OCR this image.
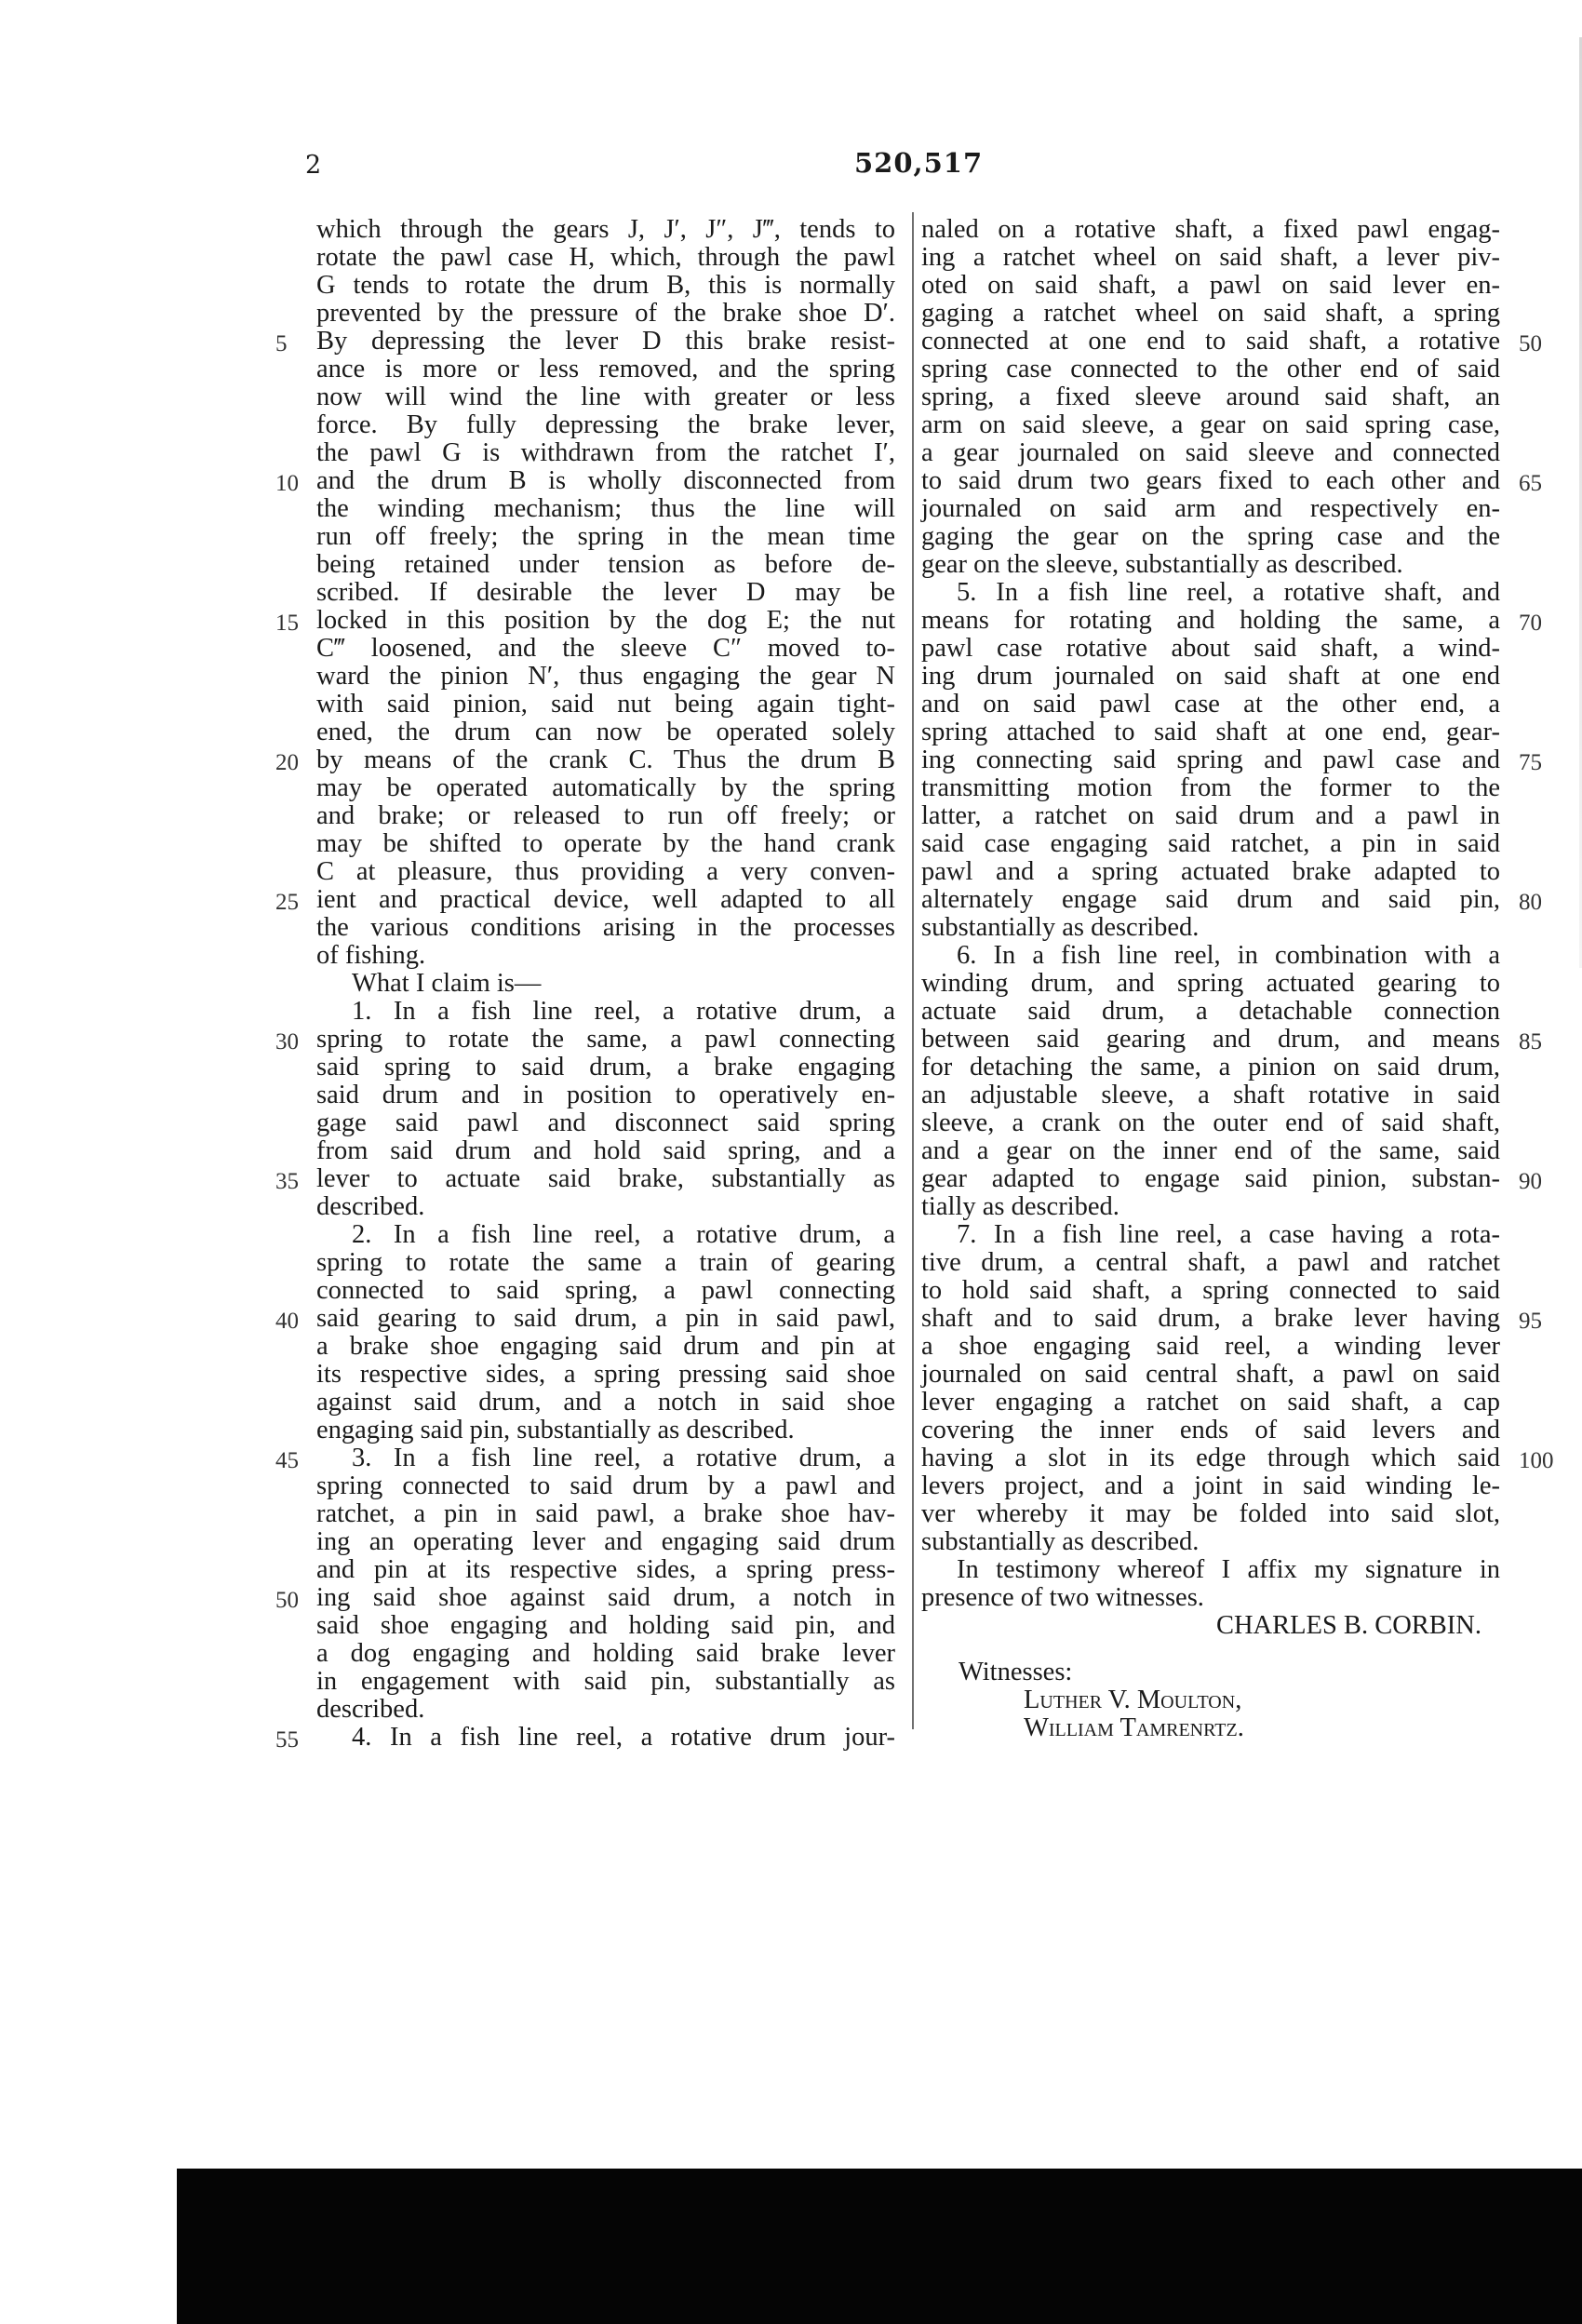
2	520,517
which through the gears J, J′, J″, J‴, tends to
rotate the pawl case H, which, through the pawl
G tends to rotate the drum B, this is normally
prevented by the pressure of the brake shoe D′.
By depressing the lever D this brake resist-
ance is more or less removed, and the spring
now will wind the line with greater or less
force. By fully depressing the brake lever,
the pawl G is withdrawn from the ratchet I′,
and the drum B is wholly disconnected from
the winding mechanism; thus the line will
run off freely; the spring in the mean time
being retained under tension as before de-
scribed. If desirable the lever D may be
locked in this position by the dog E; the nut
C‴ loosened, and the sleeve C″ moved to-
ward the pinion N′, thus engaging the gear N
with said pinion, said nut being again tight-
ened, the drum can now be operated solely
by means of the crank C. Thus the drum B
may be operated automatically by the spring
and brake; or released to run off freely; or
may be shifted to operate by the hand crank
C at pleasure, thus providing a very conven-
ient and practical device, well adapted to all
the various conditions arising in the processes
of fishing.
What I claim is—
1. In a fish line reel, a rotative drum, a
spring to rotate the same, a pawl connecting
said spring to said drum, a brake engaging
said drum and in position to operatively en-
gage said pawl and disconnect said spring
from said drum and hold said spring, and a
lever to actuate said brake, substantially as
described.
2. In a fish line reel, a rotative drum, a
spring to rotate the same a train of gearing
connected to said spring, a pawl connecting
said gearing to said drum, a pin in said pawl,
a brake shoe engaging said drum and pin at
its respective sides, a spring pressing said shoe
against said drum, and a notch in said shoe
engaging said pin, substantially as described.
3. In a fish line reel, a rotative drum, a
spring connected to said drum by a pawl and
ratchet, a pin in said pawl, a brake shoe hav-
ing an operating lever and engaging said drum
and pin at its respective sides, a spring press-
ing said shoe against said drum, a notch in
said shoe engaging and holding said pin, and
a dog engaging and holding said brake lever
in engagement with said pin, substantially as
described.
4. In a fish line reel, a rotative drum jour-
naled on a rotative shaft, a fixed pawl engag-
ing a ratchet wheel on said shaft, a lever piv-
oted on said shaft, a pawl on said lever en-
gaging a ratchet wheel on said shaft, a spring
connected at one end to said shaft, a rotative
spring case connected to the other end of said
spring, a fixed sleeve around said shaft, an
arm on said sleeve, a gear on said spring case,
a gear journaled on said sleeve and connected
to said drum two gears fixed to each other and
journaled on said arm and respectively en-
gaging the gear on the spring case and the
gear on the sleeve, substantially as described.
5. In a fish line reel, a rotative shaft, and
means for rotating and holding the same, a
pawl case rotative about said shaft, a wind-
ing drum journaled on said shaft at one end
and on said pawl case at the other end, a
spring attached to said shaft at one end, gear-
ing connecting said spring and pawl case and
transmitting motion from the former to the
latter, a ratchet on said drum and a pawl in
said case engaging said ratchet, a pin in said
pawl and a spring actuated brake adapted to
alternately engage said drum and said pin,
substantially as described.
6. In a fish line reel, in combination with a
winding drum, and spring actuated gearing to
actuate said drum, a detachable connection
between said gearing and drum, and means
for detaching the same, a pinion on said drum,
an adjustable sleeve, a shaft rotative in said
sleeve, a crank on the outer end of said shaft,
and a gear on the inner end of the same, said
gear adapted to engage said pinion, substan-
tially as described.
7. In a fish line reel, a case having a rota-
tive drum, a central shaft, a pawl and ratchet
to hold said shaft, a spring connected to said
shaft and to said drum, a brake lever having
a shoe engaging said reel, a winding lever
journaled on said central shaft, a pawl on said
lever engaging a ratchet on said shaft, a cap
covering the inner ends of said levers and
having a slot in its edge through which said
levers project, and a joint in said winding le-
ver whereby it may be folded into said slot,
substantially as described.
In testimony whereof I affix my signature in
presence of two witnesses.
CHARLES B. CORBIN.
Witnesses:
Luther V. Moulton,
William Tamrenrtz.
5
10
15
20
25
30
35
40
45
50
55
50
65
70
75
80
85
90
95
100
